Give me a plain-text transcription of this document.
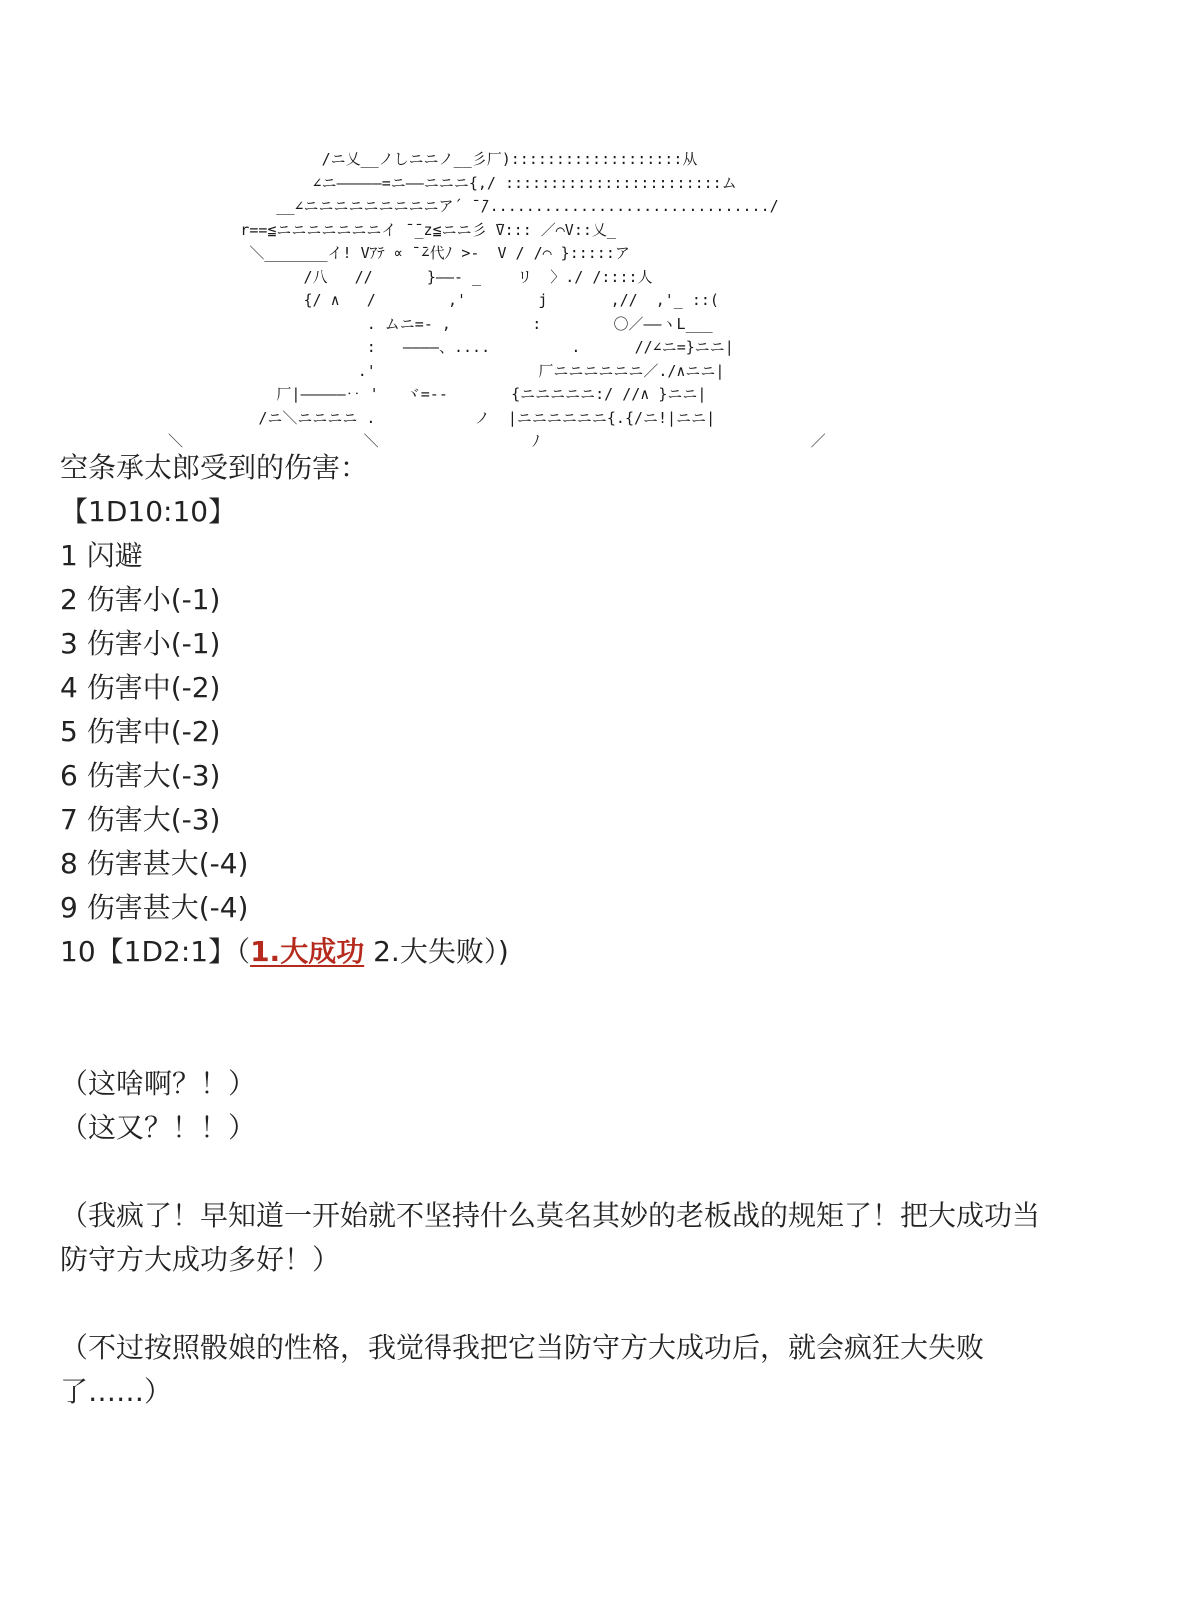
/ニ乂__ノしニニノ__彡厂):::::::::::::::::::从
∠ニ―――――=ニ――ニニニ{,/ ::::::::::::::::::::::::ム
__∠ニニニニニニニニニア´ ̄ ̄/.............................../
r==≦ニニニニニニニイ ̄ ̄_z≦ニニ彡 ̄V::: ／⌒V::乂_
＼_______イ! Vｱﾃ ∝ ̄ ̄∠代ﾉ >-  V / /⌒ }:::::ア
/八   //      }――- _    リ  〉./ /::::人
{/ ∧   /        ,'        j       ,//  ,'_ ::(
. ムニ=- ,         :        〇／――ヽL___
:   ――――、....         .      //∠ニ=}ニニ|
.'                  厂ニニニニニニ／./∧ニニ|
厂|―――――‥ '   ヾ=--       {ニニニニニ:/ //∧ }ニニ|
/ニ＼ニニニニ .           ノ  |ニニニニニニ{.{/ニ!|ニニ|
＼                    ＼                 ﾉ                              ／
空条承太郎受到的伤害：
【1D10:10】
1 闪避
2 伤害小(-1)
3 伤害小(-1)
4 伤害中(-2)
5 伤害中(-2)
6 伤害大(-3)
7 伤害大(-3)
8 伤害甚大(-4)
9 伤害甚大(-4)
10【1D2:1】（1.大成功 2.大失败）)
（这啥啊？！）
（这又？！！）
（我疯了！早知道一开始就不坚持什么莫名其妙的老板战的规矩了！把大成功当防守方大成功多好！）
（不过按照骰娘的性格，我觉得我把它当防守方大成功后，就会疯狂大失败了……）
